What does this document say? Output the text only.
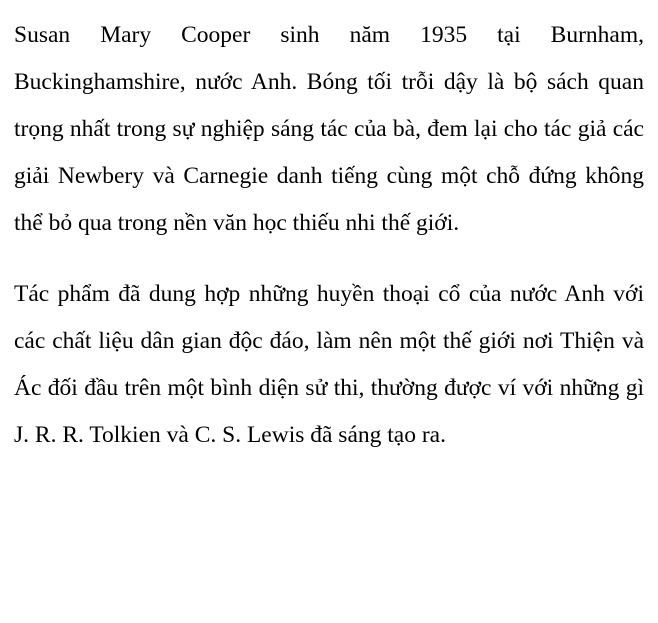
Susan Mary Cooper sinh năm 1935 tại Burnham, Buckinghamshire, nước Anh. Bóng tối trỗi dậy là bộ sách quan trọng nhất trong sự nghiệp sáng tác của bà, đem lại cho tác giả các giải Newbery và Carnegie danh tiếng cùng một chỗ đứng không thể bỏ qua trong nền văn học thiếu nhi thế giới.

Tác phẩm đã dung hợp những huyền thoại cổ của nước Anh với các chất liệu dân gian độc đáo, làm nên một thế giới nơi Thiện và Ác đối đầu trên một bình diện sử thi, thường được ví với những gì J. R. R. Tolkien và C. S. Lewis đã sáng tạo ra.
